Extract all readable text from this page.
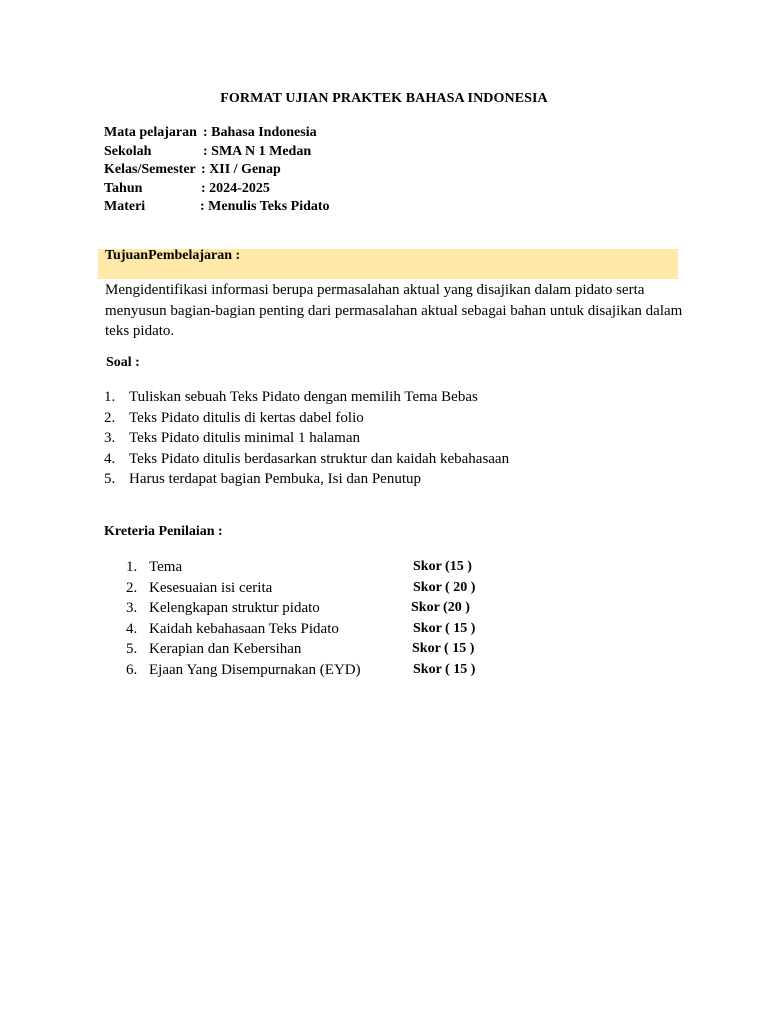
FORMAT UJIAN PRAKTEK BAHASA INDONESIA
Mata pelajaran : Bahasa Indonesia
Sekolah	: SMA N 1 Medan
Kelas/Semester : XII / Genap
Tahun	: 2024-2025
Materi	: Menulis Teks Pidato
TujuanPembelajaran :
Mengidentifikasi informasi berupa permasalahan aktual yang disajikan dalam pidato serta menyusun bagian-bagian penting dari permasalahan aktual sebagai bahan untuk disajikan dalam teks pidato.
Soal :
1. Tuliskan sebuah Teks Pidato dengan memilih Tema Bebas
2. Teks Pidato ditulis di kertas dabel folio
3. Teks Pidato ditulis minimal 1 halaman
4. Teks Pidato ditulis berdasarkan struktur dan kaidah kebahasaan
5. Harus terdapat bagian Pembuka, Isi dan Penutup
Kreteria Penilaian :
1. Tema	Skor (15 )
2. Kesesuaian isi cerita	Skor ( 20 )
3. Kelengkapan struktur pidato	Skor (20 )
4. Kaidah kebahasaan Teks Pidato	Skor ( 15 )
5. Kerapian dan Kebersihan	Skor ( 15 )
6. Ejaan Yang Disempurnakan (EYD)	Skor ( 15 )
